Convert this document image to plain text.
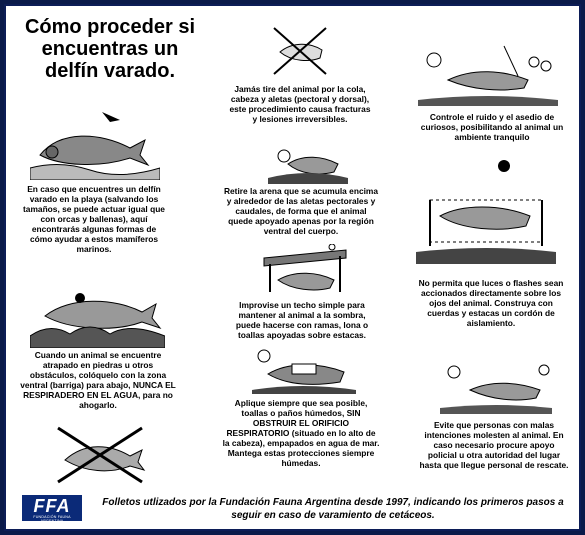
Cómo proceder si encuentras un delfín varado.
En caso que encuentres un delfín varado en la playa (salvando los tamaños, se puede actuar igual que con orcas y ballenas), aquí encontrarás algunas formas de cómo ayudar a estos mamíferos marinos.
Cuando un animal se encuentre atrapado en piedras u otros obstáculos, colóquelo con la zona ventral (barriga) para abajo, NUNCA EL RESPIRADERO EN EL AGUA, para no ahogarlo.
Jamás tire del animal por la cola, cabeza y aletas (pectoral y dorsal), este procedimiento causa fracturas y lesiones irreversibles.
Retire la arena que se acumula encima y alrededor de las aletas pectorales y caudales, de forma que el animal quede apoyado apenas por la región ventral del cuerpo.
Improvise un techo simple para mantener al animal a la sombra, puede hacerse con ramas, lona o toallas apoyadas sobre estacas.
Aplique siempre que sea posible, toallas o paños húmedos, SIN OBSTRUIR EL ORIFICIO RESPIRATORIO (situado en lo alto de la cabeza), empapados en agua de mar. Mantega estas protecciones siempre húmedas.
Controle el ruido y el asedio de curiosos, posibilitando al animal un ambiente tranquilo
No permita que luces o flashes sean accionados directamente sobre los ojos del animal. Construya con cuerdas y estacas un cordón de aislamiento.
Evite que personas con malas intenciones molesten al animal. En caso necesario procure apoyo policial u otra autoridad del lugar hasta que llegue personal de rescate.
FFA
FUNDACIÓN FAUNA ARGENTINA
Folletos utlizados por la Fundación Fauna Argentina desde 1997, indicando los primeros pasos a seguir en caso de varamiento de cetáceos.
